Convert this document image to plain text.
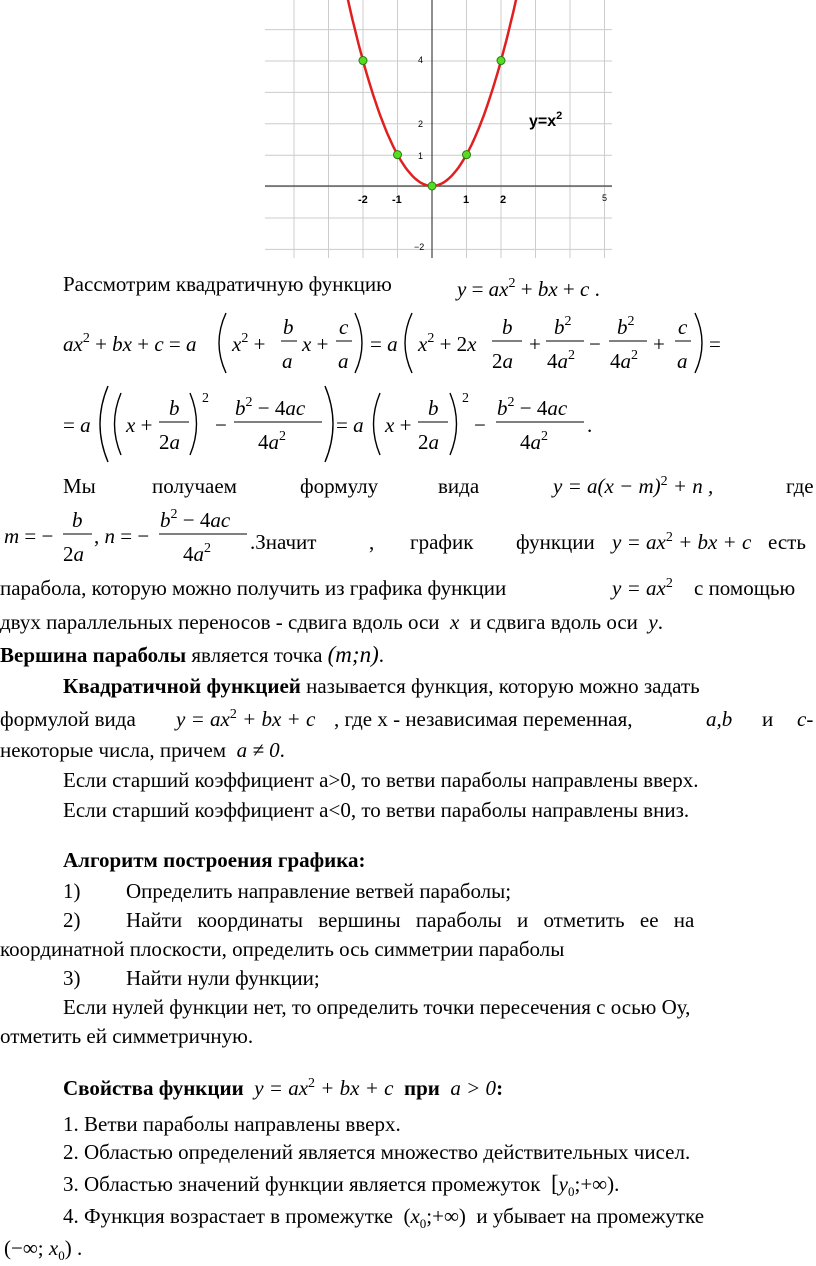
-2 -1	1	2	5
4
2
1
−2
$y=x^2$
Рассмотрим квадратичную функцию	$y = ax^2$ + bx + c .
$ax^2$ + bx + c = a $x^2$ +
b
a
x +
c
a
= a $x^2 + 2x$
b
2a
+
$b^2$
$4a^2$ −
$b^2$
$4a^2$ +
c
a
=
= a x +
b
2a
2
−
$b^2 - 4ac$
$4a^2 = a$ x +
b
2a
2
−
$b^2 - 4ac$
$4a^2$ .
Мы	получаем	формулу	вида	$y = a(x - m)^2 + n$ ,	где
m = −
b
2a
, n = −
$b^2 - 4ac$
$4a^2$ .Значит	, график функции $y = ax^2$ + bx + c есть
парабола, которую можно получить из графика функции	$y = ax^2$ с помощью
двух параллельных переносов - сдвига вдоль оси x и сдвига вдоль оси y.
Вершина параболы является точка (m;n).
Квадратичной функцией называется функция, которую можно задать
формулой вида $y = ax^2$ + bx + c , где х - независимая переменная,	a,b и c-
некоторые числа, причем  a ≠ 0.
Если старший коэффициент а>0, то ветви параболы направлены вверх.
Если старший коэффициент а<0, то ветви параболы направлены вниз.
Алгоритм построения графика:
1) Определить направление ветвей параболы;
2) Найти координаты вершины параболы и отметить ее на
координатной плоскости, определить ось симметрии параболы
3) Найти нули функции;
Если нулей функции нет, то определить точки пересечения с осью Оу,
отметить ей симметричную.
Свойства функции $y = ax^2$ + bx + c при a > 0:
1. Ветви параболы направлены вверх.
2. Областью определений является множество действительных чисел.
3. Областью значений функции является промежуток $[y_0;+\infty)$.
4. Функция возрастает в промежутке  $(x_0;+\infty)$  и убывает на промежутке
(−∞; $x_0$) .
